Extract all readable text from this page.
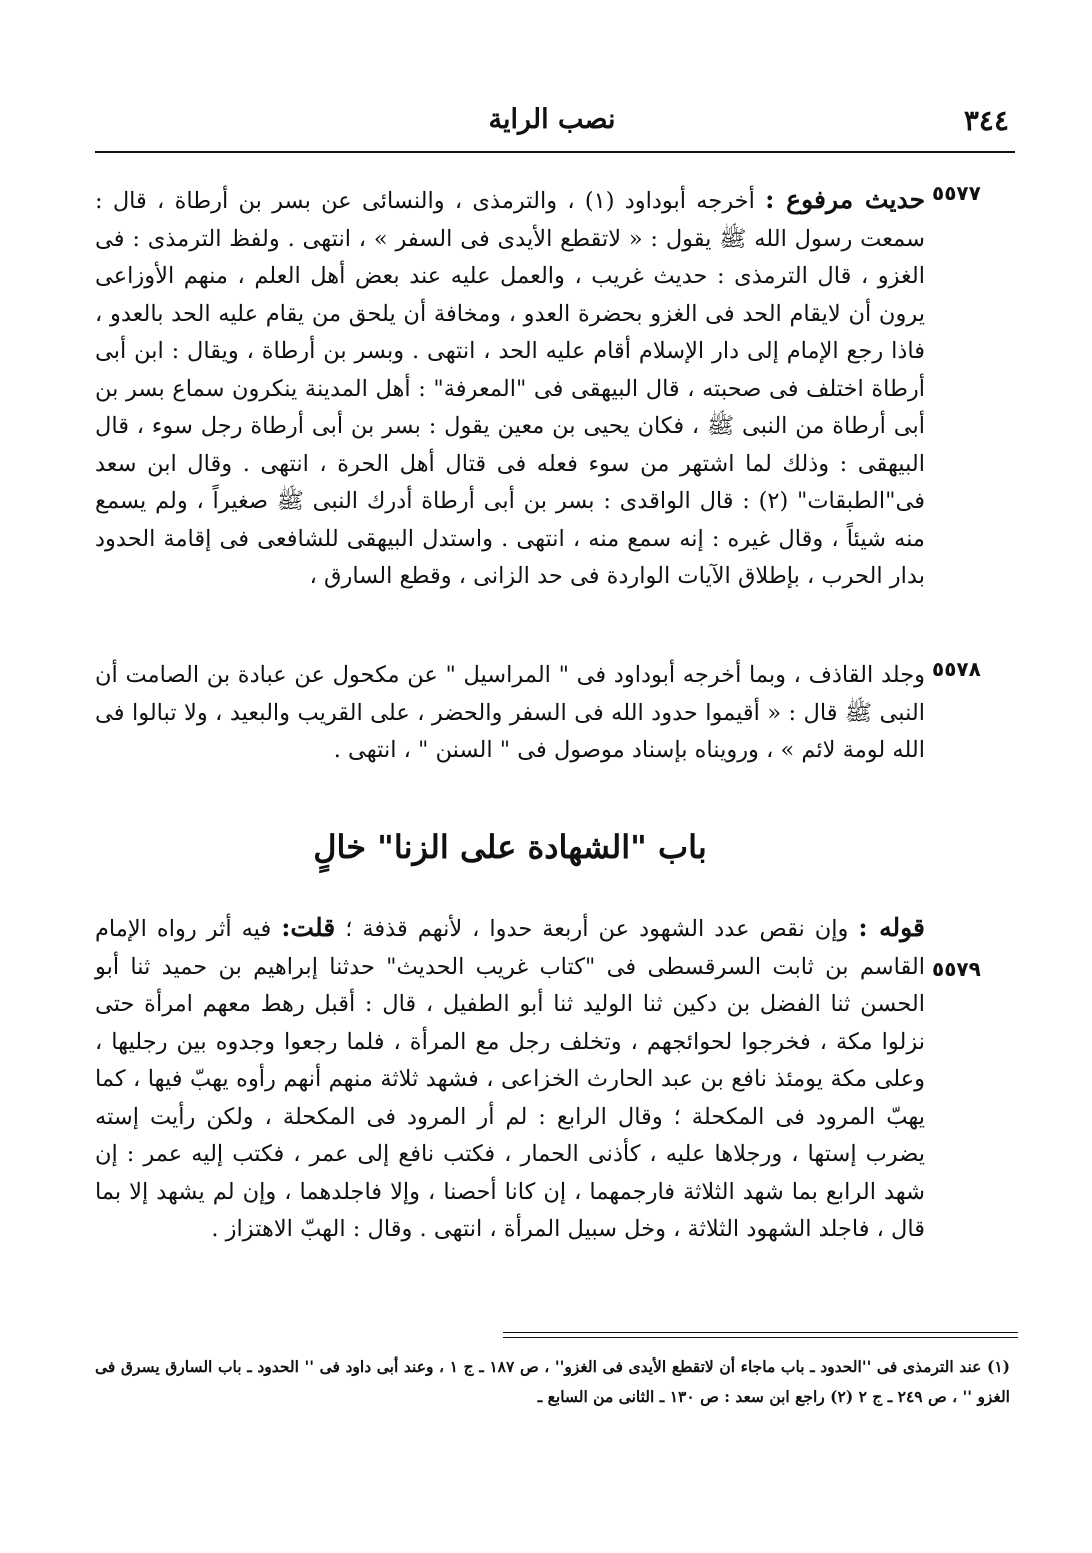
٣٤٤
نصب الراية
٥٥٧٧
حديث مرفوع : أخرجه أبوداود (١) ، والترمذى ، والنسائى عن بسر بن أرطاة ، قال : سمعت رسول الله ﷺ يقول : « لاتقطع الأيدى فى السفر » ، انتهى . ولفظ الترمذى : فى الغزو ، قال الترمذى : حديث غريب ، والعمل عليه عند بعض أهل العلم ، منهم الأوزاعى يرون أن لايقام الحد فى الغزو بحضرة العدو ، ومخافة أن يلحق من يقام عليه الحد بالعدو ، فاذا رجع الإمام إلى دار الإسلام أقام عليه الحد ، انتهى . وبسر بن أرطاة ، ويقال : ابن أبى أرطاة اختلف فى صحبته ، قال البيهقى فى "المعرفة" : أهل المدينة ينكرون سماع بسر بن أبى أرطاة من النبى ﷺ ، فكان يحيى بن معين يقول : بسر بن أبى أرطاة رجل سوء ، قال البيهقى : وذلك لما اشتهر من سوء فعله فى قتال أهل الحرة ، انتهى . وقال ابن سعد فى"الطبقات" (٢) : قال الواقدى : بسر بن أبى أرطاة أدرك النبى ﷺ صغيراً ، ولم يسمع منه شيئاً ، وقال غيره : إنه سمع منه ، انتهى . واستدل البيهقى للشافعى فى إقامة الحدود بدار الحرب ، بإطلاق الآيات الواردة فى حد الزانى ، وقطع السارق ،
٥٥٧٨
وجلد القاذف ، وبما أخرجه أبوداود فى " المراسيل " عن مكحول عن عبادة بن الصامت أن النبى ﷺ قال : « أقيموا حدود الله فى السفر والحضر ، على القريب والبعيد ، ولا تبالوا فى الله لومة لائم » ، ورويناه بإسناد موصول فى " السنن " ، انتهى .
باب "الشهادة على الزنا" خالٍ
٥٥٧٩
قوله : وإن نقص عدد الشهود عن أربعة حدوا ، لأنهم قذفة ؛ قلت: فيه أثر رواه الإمام القاسم بن ثابت السرقسطى فى "كتاب غريب الحديث" حدثنا إبراهيم بن حميد ثنا أبو الحسن ثنا الفضل بن دكين ثنا الوليد ثنا أبو الطفيل ، قال : أقبل رهط معهم امرأة حتى نزلوا مكة ، فخرجوا لحوائجهم ، وتخلف رجل مع المرأة ، فلما رجعوا وجدوه بين رجليها ، وعلى مكة يومئذ نافع بن عبد الحارث الخزاعى ، فشهد ثلاثة منهم أنهم رأوه يهبّ فيها ، كما يهبّ المرود فى المكحلة ؛ وقال الرابع : لم أر المرود فى المكحلة ، ولكن رأيت إسته يضرب إستها ، ورجلاها عليه ، كأذنى الحمار ، فكتب نافع إلى عمر ، فكتب إليه عمر : إن شهد الرابع بما شهد الثلاثة فارجمهما ، إن كانا أحصنا ، وإلا فاجلدهما ، وإن لم يشهد إلا بما قال ، فاجلد الشهود الثلاثة ، وخل سبيل المرأة ، انتهى . وقال : الهبّ الاهتزاز .
(١) عند الترمذى فى ''الحدود ـ باب ماجاء أن لاتقطع الأيدى فى الغزو'' ، ص ١٨٧ ـ ج ١ ، وعند أبى داود فى '' الحدود ـ باب السارق يسرق فى الغزو '' ، ص ٢٤٩ ـ ج ٢ (٢) راجع ابن سعد : ص ١٣٠ ـ الثانى من السابع ـ
